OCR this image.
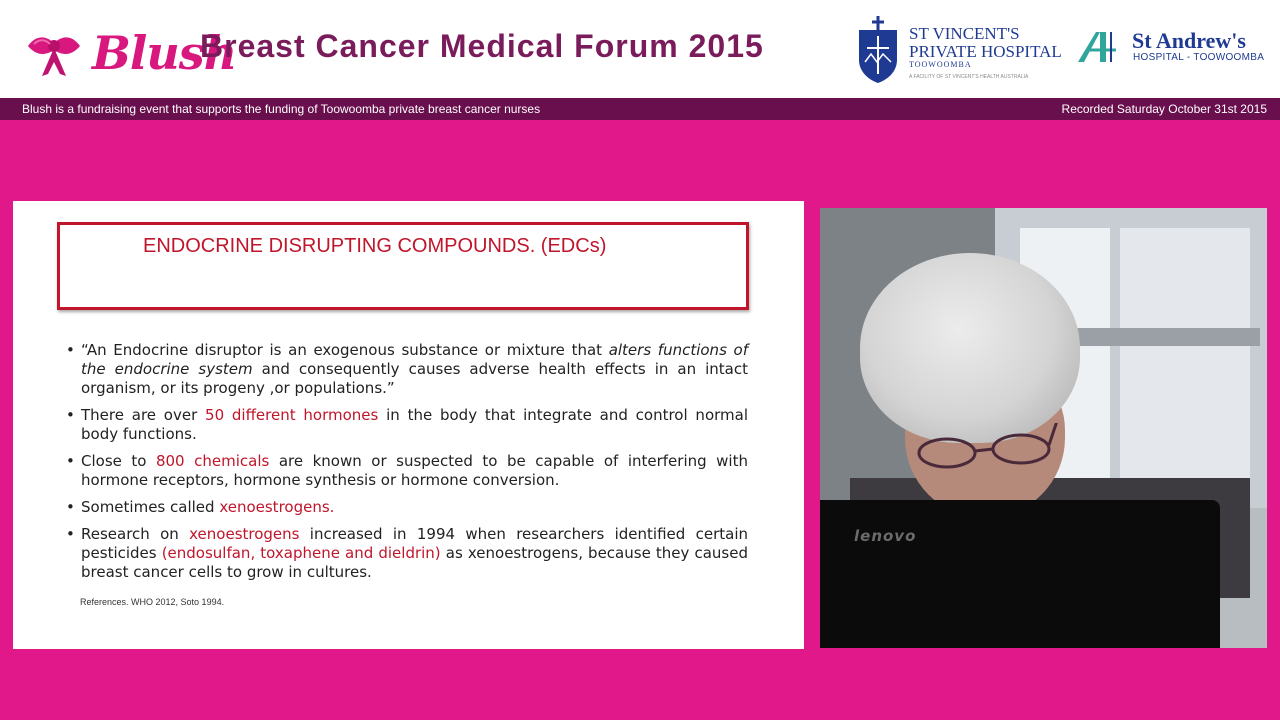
Blush
Breast Cancer Medical Forum 2015	ST VINCENT'S
PRIVATE HOSPITAL
TOOWOOMBA
A FACILITY OF ST VINCENT'S HEALTH AUSTRALIA
St Andrew's
HOSPITAL - TOOWOOMBA
Blush is a fundraising event that supports the funding of Toowoomba private breast cancer nurses	Recorded Saturday October 31st 2015
ENDOCRINE DISRUPTING COMPOUNDS. (EDCs)
• “An Endocrine disruptor is an exogenous substance or mixture that alters functions of the endocrine system and consequently causes adverse health effects in an intact organism, or its progeny ,or populations.”
• There are over 50 different hormones in the body that integrate and control normal body functions.
• Close to 800 chemicals are known or suspected to be capable of interfering with hormone receptors, hormone synthesis or hormone conversion.
• Sometimes called xenoestrogens.
• Research on xenoestrogens increased in 1994 when researchers identified certain pesticides (endosulfan, toxaphene and dieldrin) as xenoestrogens, because they caused breast cancer cells to grow in cultures.
References. WHO 2012, Soto 1994.
lenovo
